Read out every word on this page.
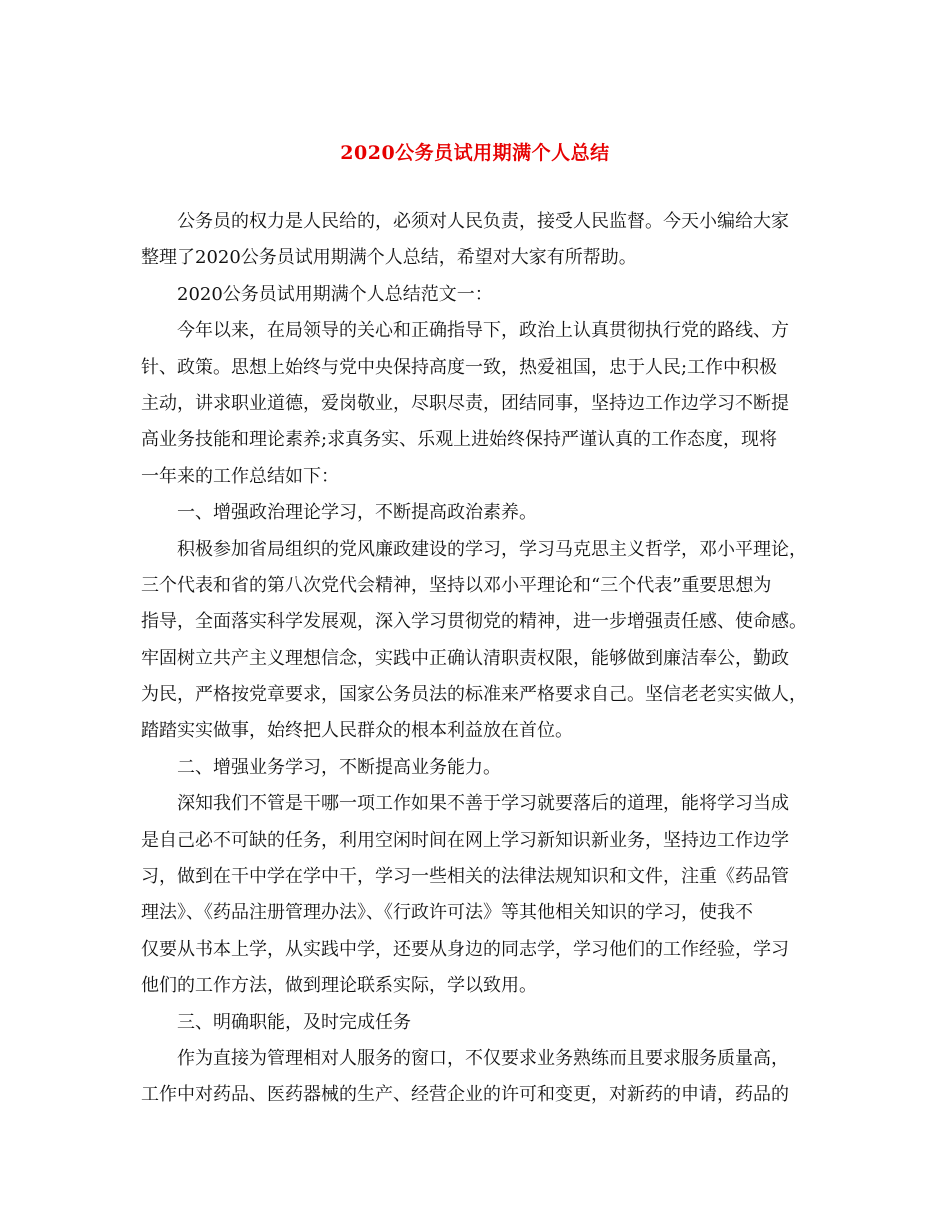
2020公务员试用期满个人总结
　　公务员的权力是人民给的，必须对人民负责，接受人民监督。今天小编给大家
整理了2020公务员试用期满个人总结，希望对大家有所帮助。
　　2020公务员试用期满个人总结范文一：
　　今年以来，在局领导的关心和正确指导下，政治上认真贯彻执行党的路线、方
针、政策。思想上始终与党中央保持高度一致，热爱祖国，忠于人民;工作中积极
主动，讲求职业道德，爱岗敬业，尽职尽责，团结同事，坚持边工作边学习不断提
高业务技能和理论素养;求真务实、乐观上进始终保持严谨认真的工作态度，现将
一年来的工作总结如下：
　　一、增强政治理论学习，不断提高政治素养。
　　积极参加省局组织的党风廉政建设的学习，学习马克思主义哲学，邓小平理论，
三个代表和省的第八次党代会精神，坚持以邓小平理论和“三个代表”重要思想为
指导，全面落实科学发展观，深入学习贯彻党的精神，进一步增强责任感、使命感。
牢固树立共产主义理想信念，实践中正确认清职责权限，能够做到廉洁奉公，勤政
为民，严格按党章要求，国家公务员法的标准来严格要求自己。坚信老老实实做人，
踏踏实实做事，始终把人民群众的根本利益放在首位。
　　二、增强业务学习，不断提高业务能力。
　　深知我们不管是干哪一项工作如果不善于学习就要落后的道理，能将学习当成
是自己必不可缺的任务，利用空闲时间在网上学习新知识新业务，坚持边工作边学
习，做到在干中学在学中干，学习一些相关的法律法规知识和文件，注重《药品管
理法》、《药品注册管理办法》、《行政许可法》等其他相关知识的学习，使我不
仅要从书本上学，从实践中学，还要从身边的同志学，学习他们的工作经验，学习
他们的工作方法，做到理论联系实际，学以致用。
　　三、明确职能，及时完成任务
　　作为直接为管理相对人服务的窗口，不仅要求业务熟练而且要求服务质量高，
工作中对药品、医药器械的生产、经营企业的许可和变更，对新药的申请，药品的
